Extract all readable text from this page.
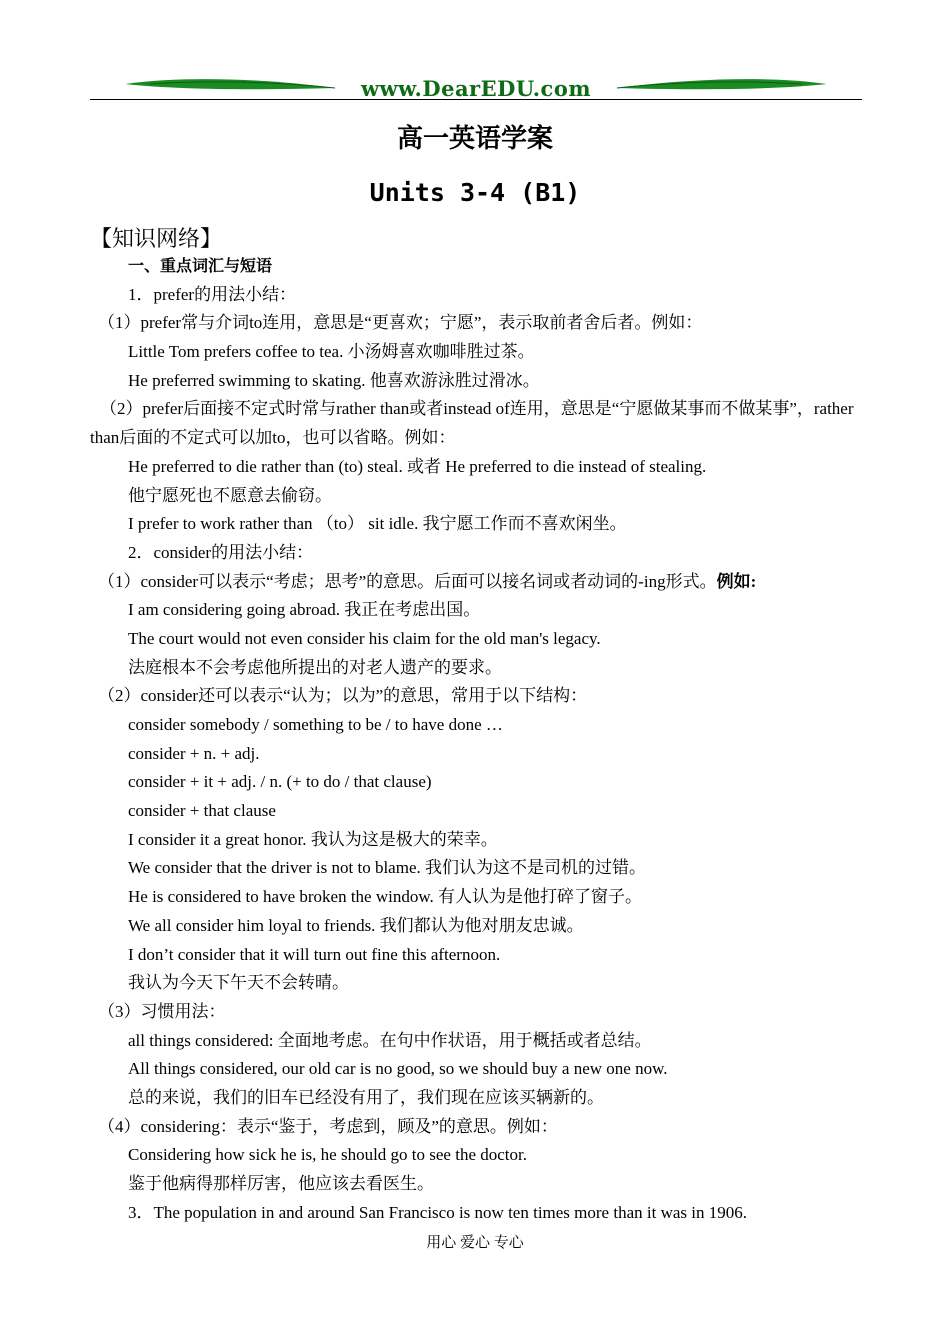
www.DearEDU.com
高一英语学案
Units 3-4 (B1)
【知识网络】
一、重点词汇与短语
1．prefer的用法小结：
（1）prefer常与介词to连用，意思是“更喜欢；宁愿”，表示取前者舍后者。例如：
Little Tom prefers coffee to tea. 小汤姆喜欢咖啡胜过茶。
He preferred swimming to skating. 他喜欢游泳胜过滑冰。
（2）prefer后面接不定式时常与rather than或者instead of连用，意思是“宁愿做某事而不做某事”，rather than后面的不定式可以加to，也可以省略。例如：
He preferred to die rather than (to) steal. 或者 He preferred to die instead of stealing.
他宁愿死也不愿意去偷窃。
I prefer to work rather than （to） sit idle. 我宁愿工作而不喜欢闲坐。
2．consider的用法小结：
（1）consider可以表示“考虑；思考”的意思。后面可以接名词或者动词的-ing形式。例如:
I am considering going abroad. 我正在考虑出国。
The court would not even consider his claim for the old man's legacy.
法庭根本不会考虑他所提出的对老人遗产的要求。
（2）consider还可以表示“认为；以为”的意思，常用于以下结构：
consider somebody / something to be / to have done …
consider + n. + adj.
consider + it + adj. / n. (+ to do / that clause)
consider + that clause
I consider it a great honor. 我认为这是极大的荣幸。
We consider that the driver is not to blame. 我们认为这不是司机的过错。
He is considered to have broken the window. 有人认为是他打碎了窗子。
We all consider him loyal to friends. 我们都认为他对朋友忠诚。
I don’t consider that it will turn out fine this afternoon.
我认为今天下午天不会转晴。
（3）习惯用法：
all things considered: 全面地考虑。在句中作状语，用于概括或者总结。
All things considered, our old car is no good, so we should buy a new one now.
总的来说，我们的旧车已经没有用了，我们现在应该买辆新的。
（4）considering：表示“鉴于，考虑到，顾及”的意思。例如：
Considering how sick he is, he should go to see the doctor.
鉴于他病得那样厉害，他应该去看医生。
3．The population in and around San Francisco is now ten times more than it was in 1906.
用心 爱心 专心
